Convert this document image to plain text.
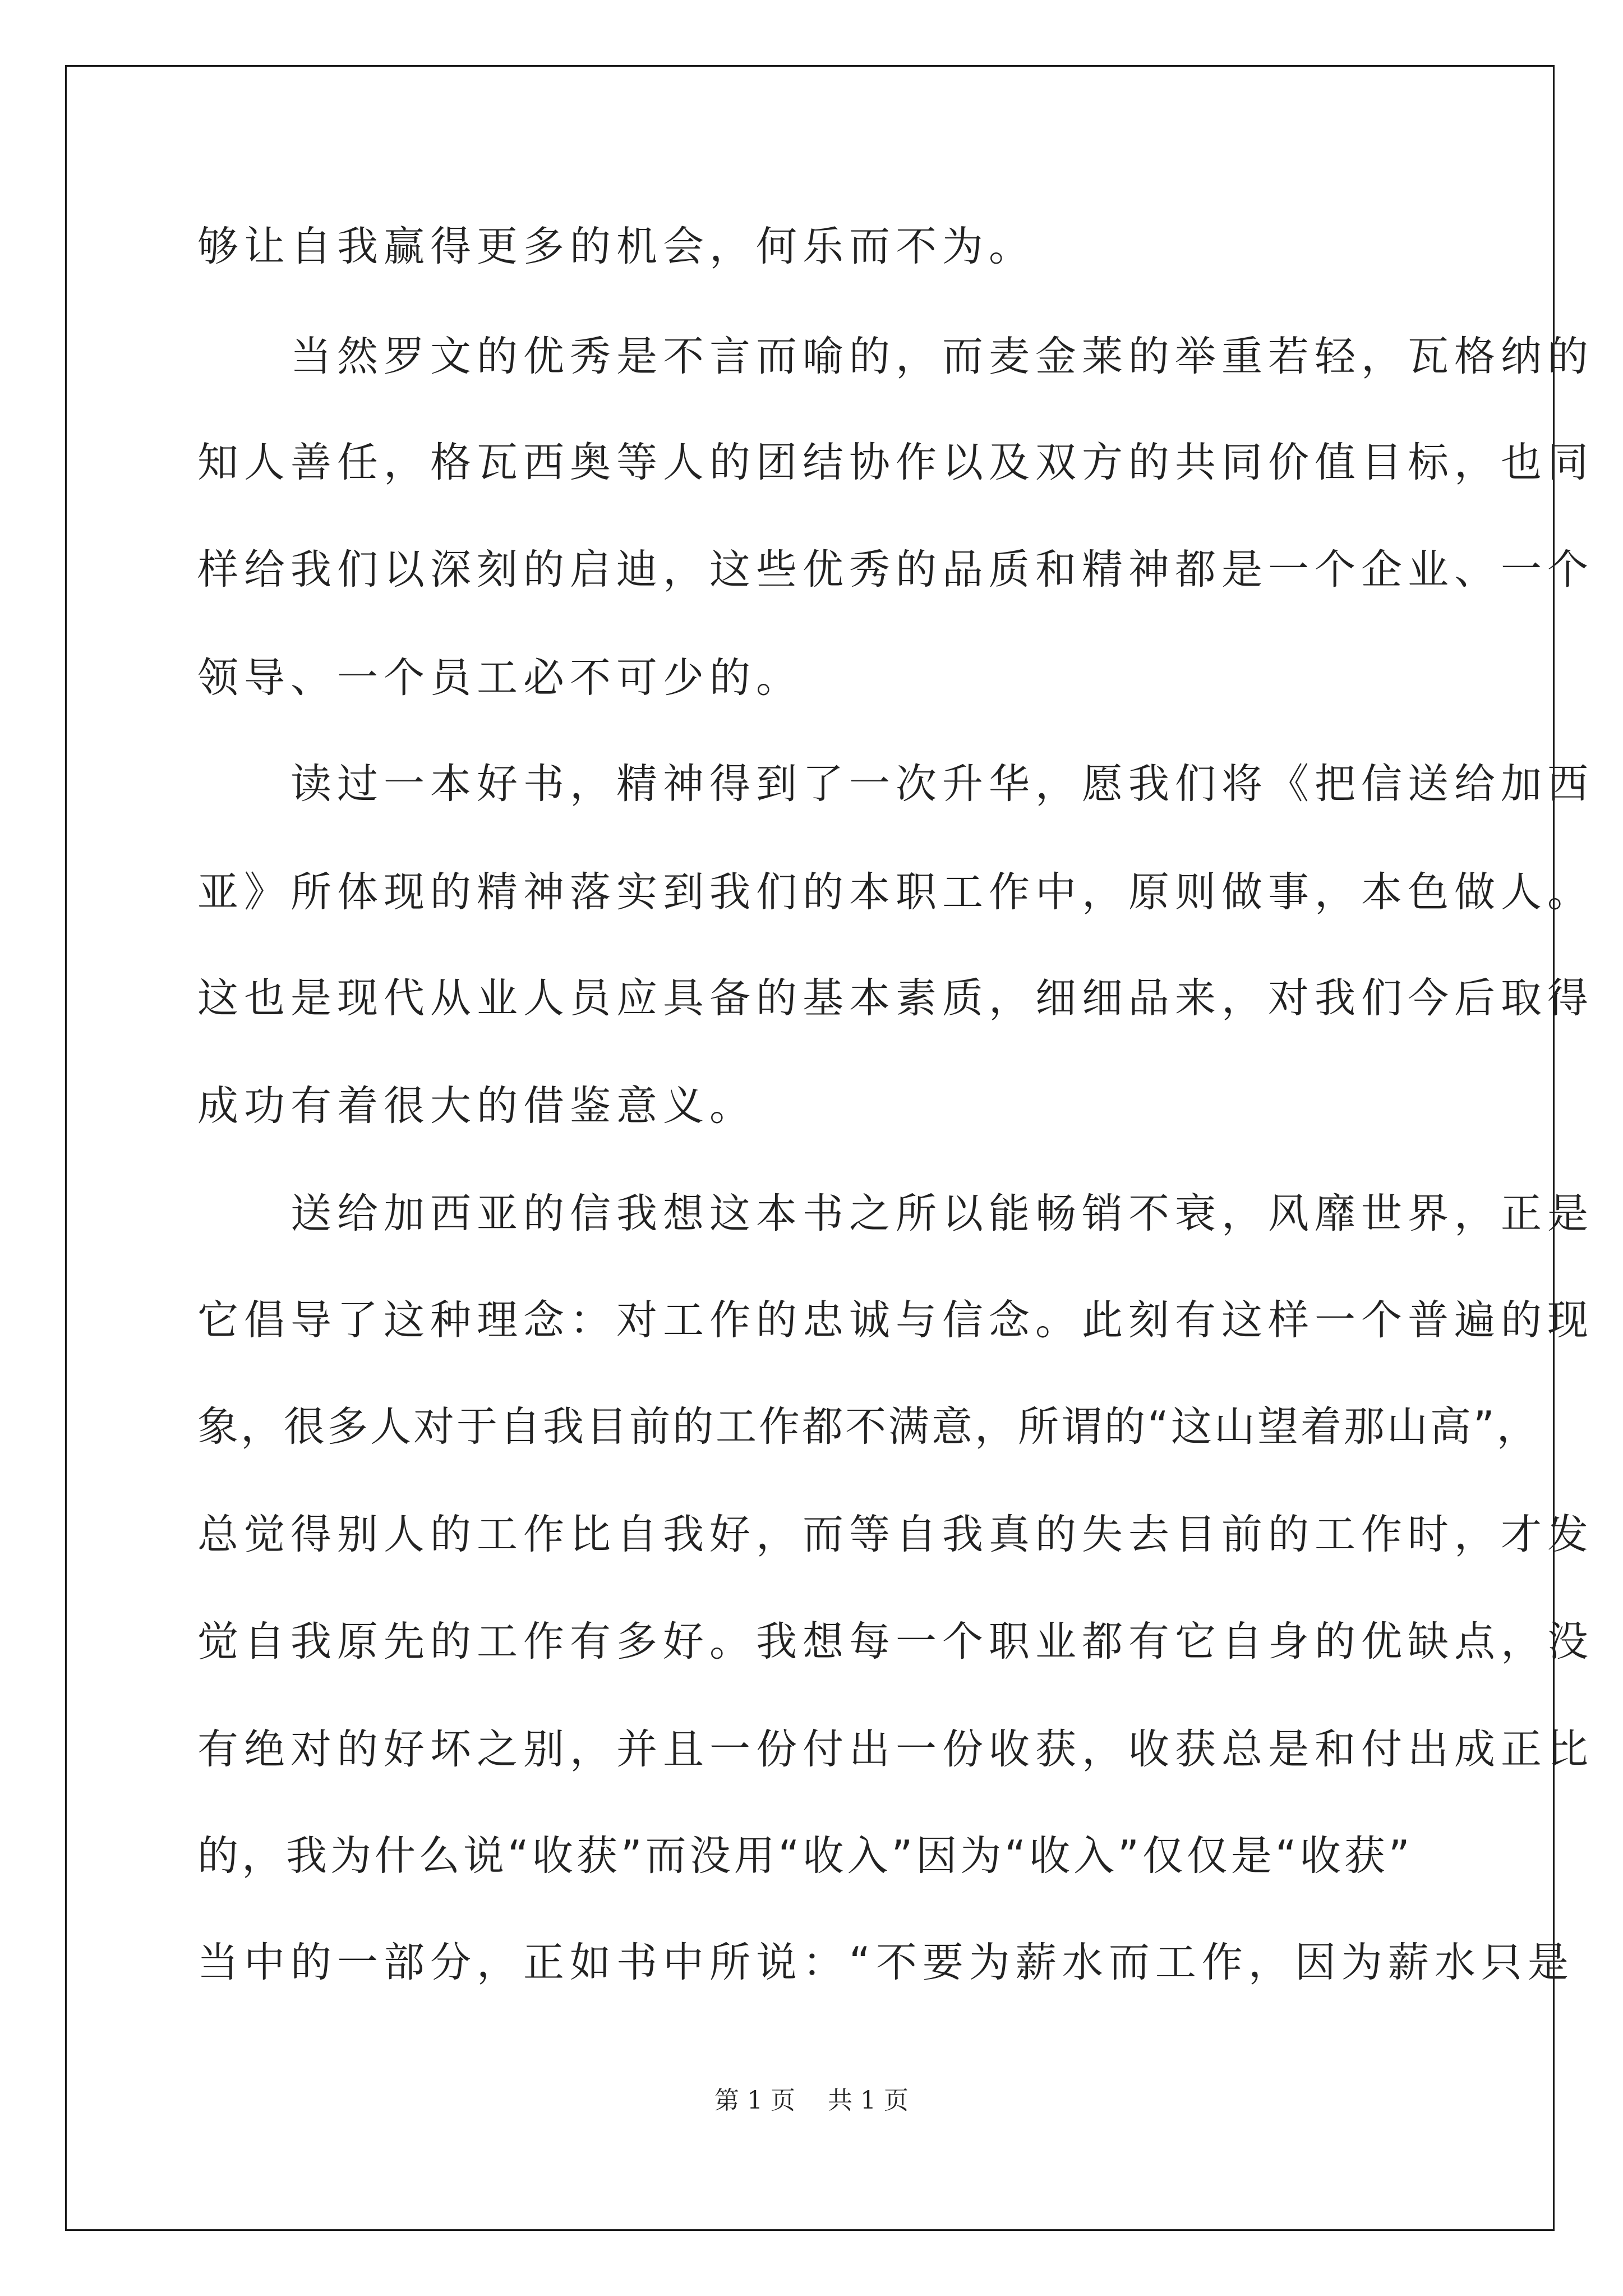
够让自我赢得更多的机会，何乐而不为。
　　当然罗文的优秀是不言而喻的，而麦金莱的举重若轻，瓦格纳的
知人善任，格瓦西奥等人的团结协作以及双方的共同价值目标，也同
样给我们以深刻的启迪，这些优秀的品质和精神都是一个企业、一个
领导、一个员工必不可少的。
　　读过一本好书，精神得到了一次升华，愿我们将《把信送给加西
亚》所体现的精神落实到我们的本职工作中，原则做事，本色做人。
这也是现代从业人员应具备的基本素质，细细品来，对我们今后取得
成功有着很大的借鉴意义。
　　送给加西亚的信我想这本书之所以能畅销不衰，风靡世界，正是
它倡导了这种理念：对工作的忠诚与信念。此刻有这样一个普遍的现
象，很多人对于自我目前的工作都不满意，所谓的“这山望着那山高”，
总觉得别人的工作比自我好，而等自我真的失去目前的工作时，才发
觉自我原先的工作有多好。我想每一个职业都有它自身的优缺点，没
有绝对的好坏之别，并且一份付出一份收获，收获总是和付出成正比
的，我为什么说“收获”而没用“收入”因为“收入”仅仅是“收获”
当中的一部分，正如书中所说：“不要为薪水而工作，因为薪水只是
第 1 页　 共 1 页
